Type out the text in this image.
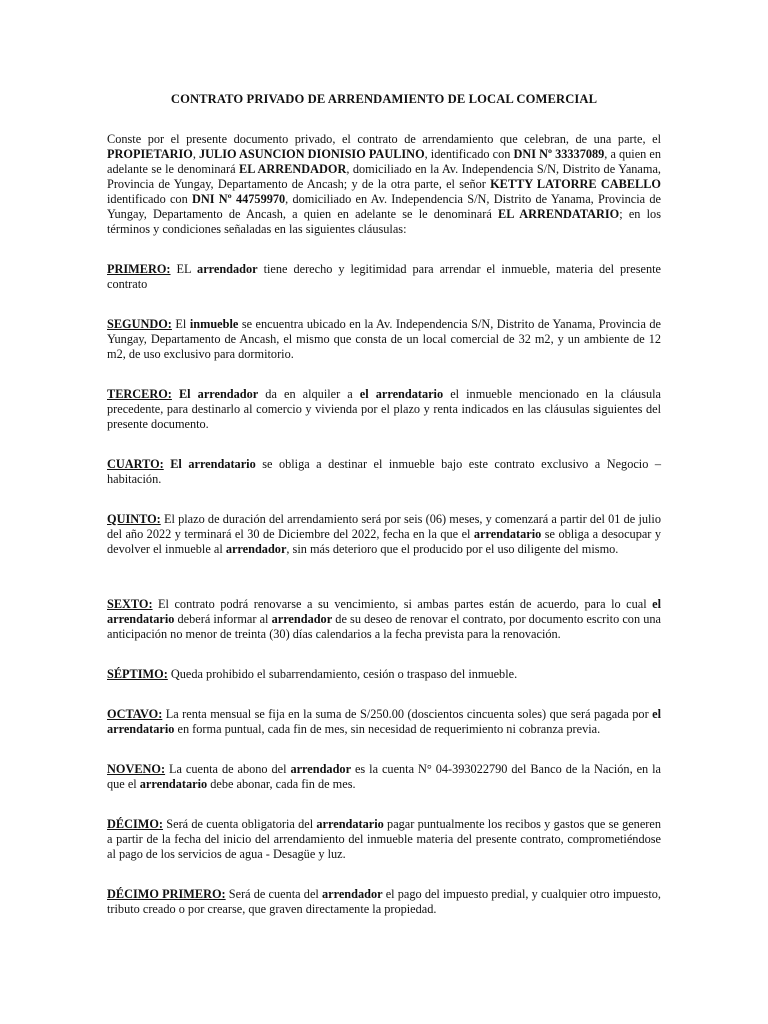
CONTRATO PRIVADO DE ARRENDAMIENTO DE LOCAL COMERCIAL
Conste por el presente documento privado, el contrato de arrendamiento que celebran, de una parte, el PROPIETARIO, JULIO ASUNCION DIONISIO PAULINO, identificado con DNI Nº 33337089, a quien en adelante se le denominará EL ARRENDADOR, domiciliado en la Av. Independencia S/N, Distrito de Yanama, Provincia de Yungay, Departamento de Ancash; y de la otra parte, el señor KETTY LATORRE CABELLO identificado con DNI Nº 44759970, domiciliado en Av. Independencia S/N, Distrito de Yanama, Provincia de Yungay, Departamento de Ancash, a quien en adelante se le denominará EL ARRENDATARIO; en los términos y condiciones señaladas en las siguientes cláusulas:
PRIMERO: EL arrendador tiene derecho y legitimidad para arrendar el inmueble, materia del presente contrato
SEGUNDO: El inmueble se encuentra ubicado en la Av. Independencia S/N, Distrito de Yanama, Provincia de Yungay, Departamento de Ancash, el mismo que consta de un local comercial de 32 m2, y un ambiente de 12 m2, de uso exclusivo para dormitorio.
TERCERO: El arrendador da en alquiler a el arrendatario el inmueble mencionado en la cláusula precedente, para destinarlo al comercio y vivienda por el plazo y renta indicados en las cláusulas siguientes del presente documento.
CUARTO: El arrendatario se obliga a destinar el inmueble bajo este contrato exclusivo a Negocio – habitación.
QUINTO: El plazo de duración del arrendamiento será por seis (06) meses, y comenzará a partir del 01 de julio del año 2022 y terminará el 30 de Diciembre del 2022, fecha en la que el arrendatario se obliga a desocupar y devolver el inmueble al arrendador, sin más deterioro que el producido por el uso diligente del mismo.
SEXTO: El contrato podrá renovarse a su vencimiento, si ambas partes están de acuerdo, para lo cual el arrendatario deberá informar al arrendador de su deseo de renovar el contrato, por documento escrito con una anticipación no menor de treinta (30) días calendarios a la fecha prevista para la renovación.
SÉPTIMO: Queda prohibido el subarrendamiento, cesión o traspaso del inmueble.
OCTAVO: La renta mensual se fija en la suma de S/250.00 (doscientos cincuenta soles) que será pagada por el arrendatario en forma puntual, cada fin de mes, sin necesidad de requerimiento ni cobranza previa.
NOVENO: La cuenta de abono del arrendador es la cuenta N° 04-393022790 del Banco de la Nación, en la que el arrendatario debe abonar, cada fin de mes.
DÉCIMO: Será de cuenta obligatoria del arrendatario pagar puntualmente los recibos y gastos que se generen a partir de la fecha del inicio del arrendamiento del inmueble materia del presente contrato, comprometiéndose al pago de los servicios de agua - Desagüe y luz.
DÉCIMO PRIMERO: Será de cuenta del arrendador el pago del impuesto predial, y cualquier otro impuesto, tributo creado o por crearse, que graven directamente la propiedad.
